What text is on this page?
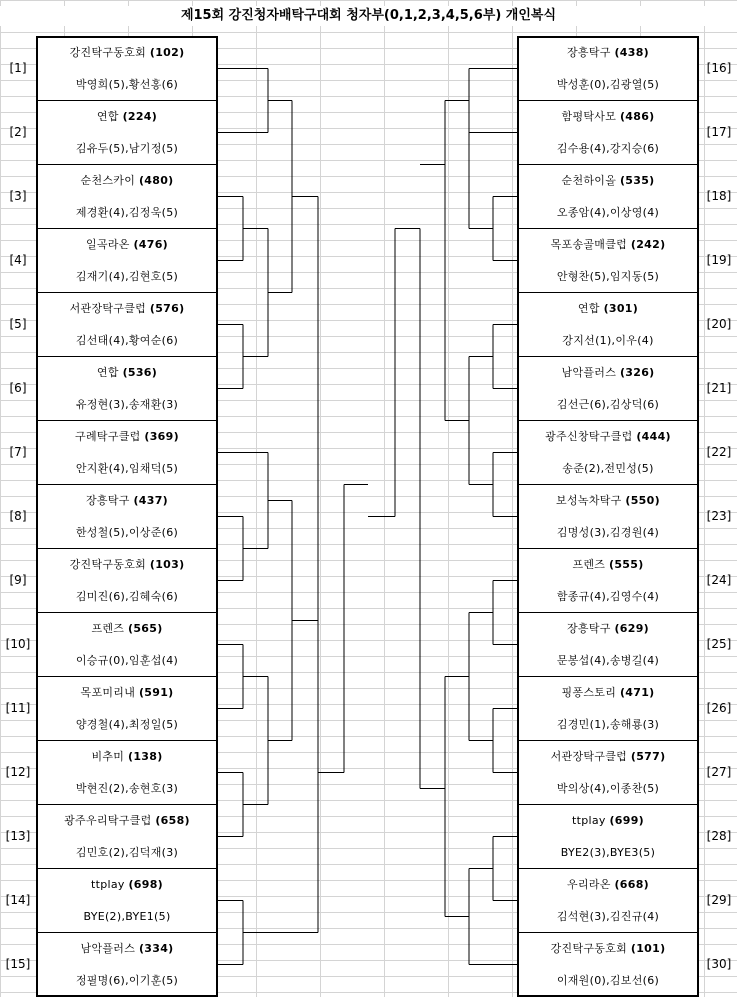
제15회 강진청자배탁구대회 청자부(0,1,2,3,4,5,6부) 개인복식
강진탁구동호회 (102)
박영희(5),황선홍(6)
[1]
연합 (224)
김유두(5),남기정(5)
[2]
순천스카이 (480)
제경환(4),김정욱(5)
[3]
일곡라온 (476)
김재기(4),김현호(5)
[4]
서관장탁구클럽 (576)
김선태(4),황여순(6)
[5]
연합 (536)
유정현(3),송재환(3)
[6]
구례탁구클럽 (369)
안지환(4),임채덕(5)
[7]
장흥탁구 (437)
한성철(5),이상준(6)
[8]
강진탁구동호회 (103)
김미진(6),김혜숙(6)
[9]
프렌즈 (565)
이승규(0),임훈섭(4)
[10]
목포미리내 (591)
양경철(4),최정일(5)
[11]
비추미 (138)
박현진(2),송현호(3)
[12]
광주우리탁구클럽 (658)
김민호(2),김덕재(3)
[13]
ttplay (698)
BYE(2),BYE1(5)
[14]
남악플러스 (334)
정필명(6),이기훈(5)
[15]
장흥탁구 (438)
박성훈(0),김광열(5)
[16]
함평탁사모 (486)
김수용(4),강지승(6)
[17]
순천하이올 (535)
오종암(4),이상영(4)
[18]
목포송골매클럽 (242)
안형찬(5),임지동(5)
[19]
연합 (301)
강지선(1),이우(4)
[20]
남악플러스 (326)
김선근(6),김상덕(6)
[21]
광주신창탁구클럽 (444)
송준(2),전민성(5)
[22]
보성녹차탁구 (550)
김명성(3),김경원(4)
[23]
프렌즈 (555)
함종규(4),김영수(4)
[24]
장흥탁구 (629)
문봉섭(4),송병길(4)
[25]
핑퐁스토리 (471)
김경민(1),송해룡(3)
[26]
서관장탁구클럽 (577)
박의상(4),이종찬(5)
[27]
ttplay (699)
BYE2(3),BYE3(5)
[28]
우리라온 (668)
김석현(3),김진규(4)
[29]
강진탁구동호회 (101)
이재원(0),김보선(6)
[30]
